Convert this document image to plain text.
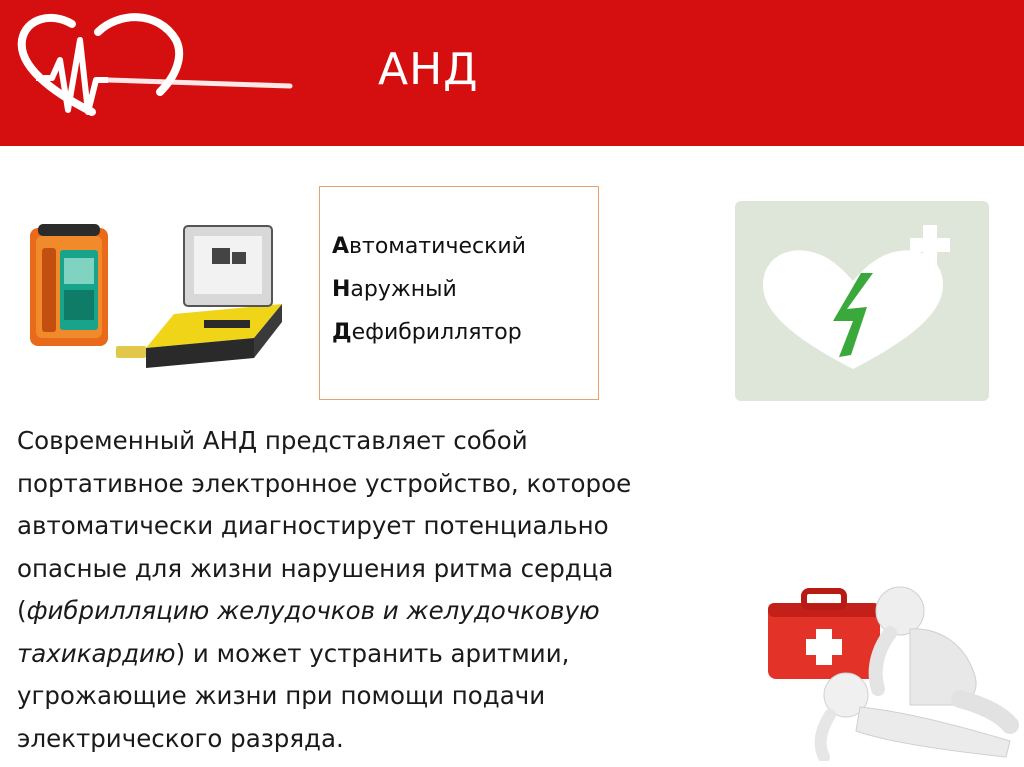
АНД
Автоматический
Наружный
Дефибриллятор
Современный АНД представляет собой
портативное электронное устройство, которое
автоматически диагностирует потенциально
опасные для жизни нарушения ритма сердца
(фибрилляцию желудочков и желудочковую
тахикардию) и может устранить аритмии,
угрожающие жизни при помощи подачи
электрического разряда.
